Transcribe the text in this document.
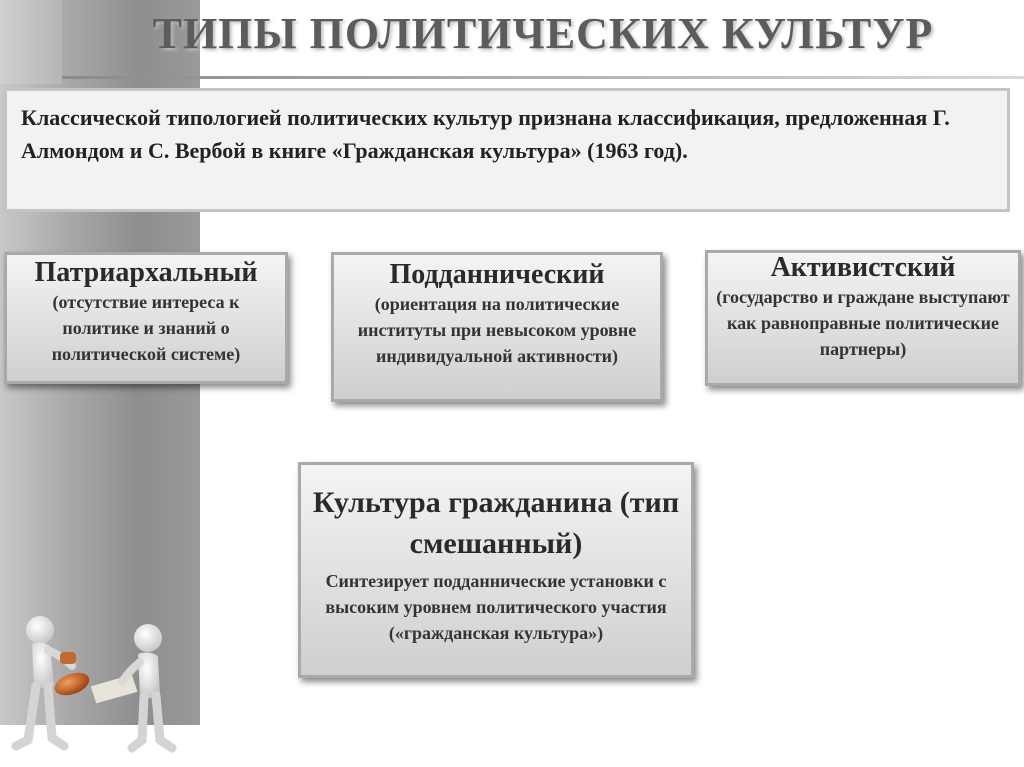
ТИПЫ ПОЛИТИЧЕСКИХ КУЛЬТУР
Классической типологией политических культур признана классификация, предложенная Г. Алмондом и С. Вербой в книге «Гражданская культура» (1963 год).
Патриархальный
(отсутствие интереса к политике и знаний о политической системе)
Подданнический
(ориентация на политические институты при невысоком уровне индивидуальной активности)
Активистский
(государство и граждане выступают как равноправные политические партнеры)
Культура гражданина (тип смешанный)
Синтезирует подданнические установки с высоким уровнем политического участия («гражданская культура»)
